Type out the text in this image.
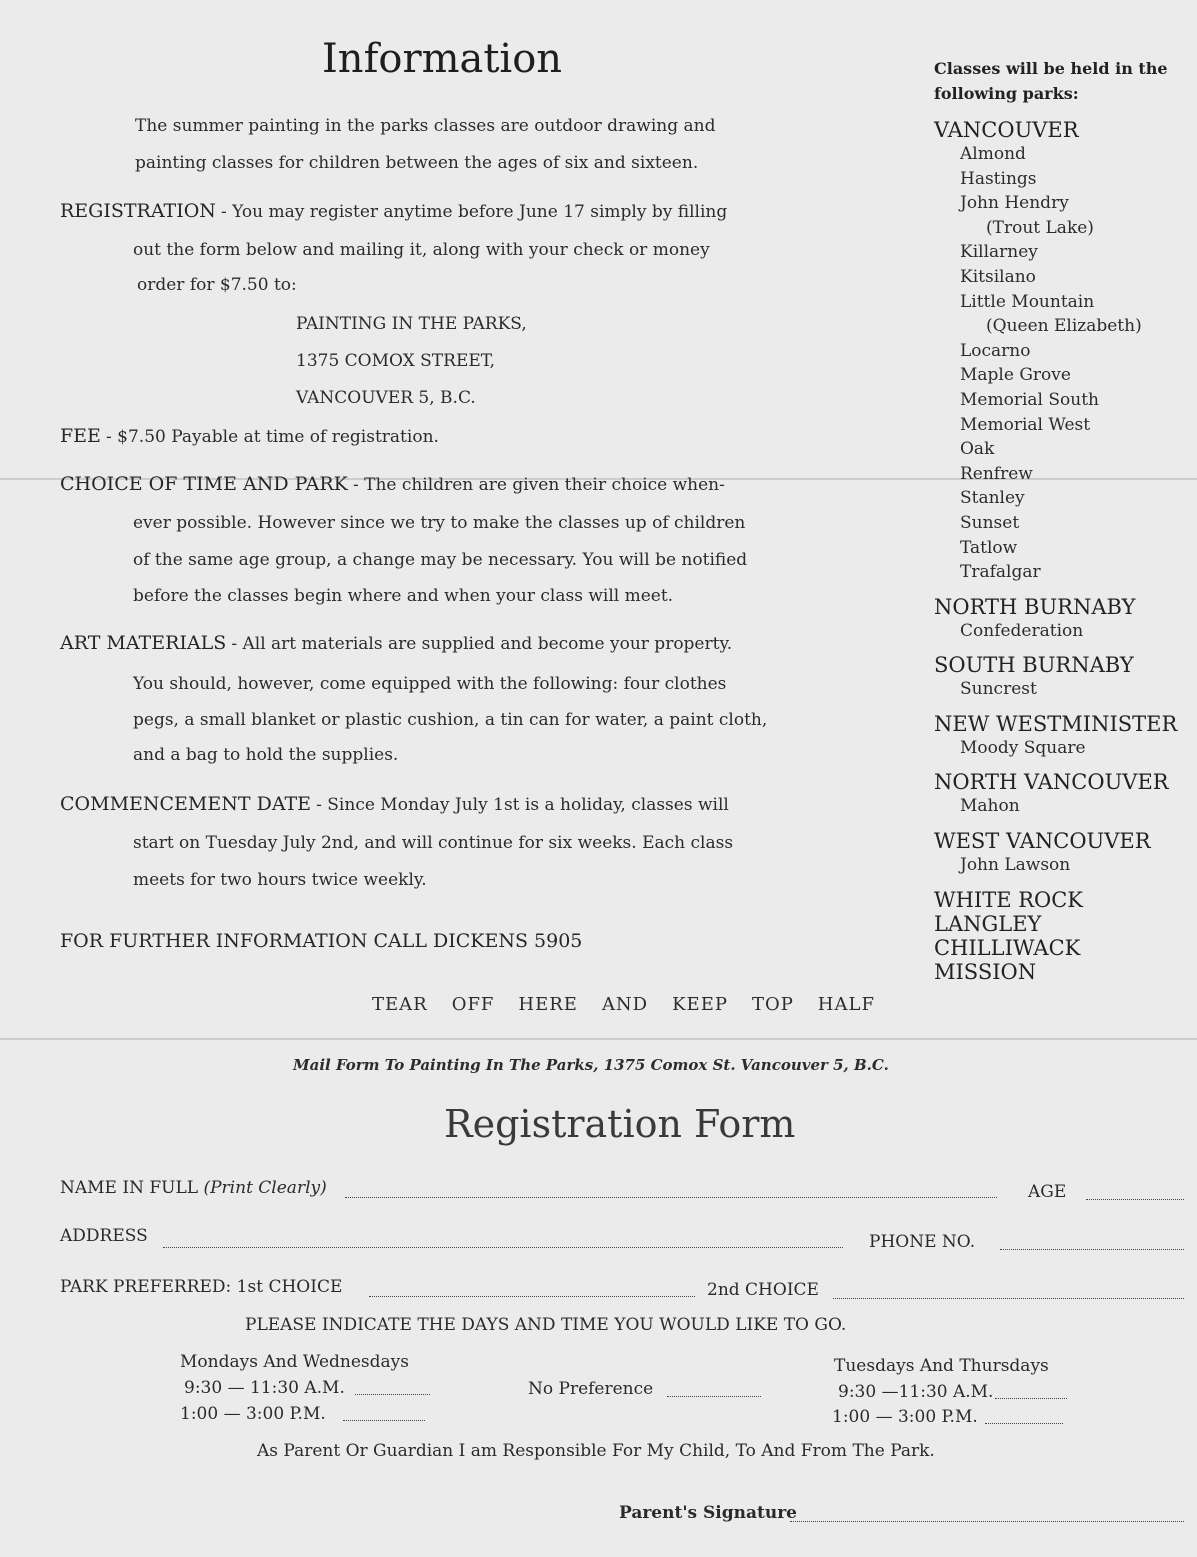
Information
The summer painting in the parks classes are outdoor drawing and
painting classes for children between the ages of six and sixteen.
REGISTRATION - You may register anytime before June 17 simply by filling
out the form below and mailing it, along with your check or money
order for $7.50 to:
PAINTING IN THE PARKS,
1375 COMOX STREET,
VANCOUVER 5, B.C.
FEE - $7.50 Payable at time of registration.
CHOICE OF TIME AND PARK - The children are given their choice when-
ever possible. However since we try to make the classes up of children
of the same age group, a change may be necessary. You will be notified
before the classes begin where and when your class will meet.
ART MATERIALS - All art materials are supplied and become your property.
You should, however, come equipped with the following: four clothes
pegs, a small blanket or plastic cushion, a tin can for water, a paint cloth,
and a bag to hold the supplies.
COMMENCEMENT DATE - Since Monday July 1st is a holiday, classes will
start on Tuesday July 2nd, and will continue for six weeks. Each class
meets for two hours twice weekly.
FOR FURTHER INFORMATION CALL DICKENS 5905
TEAR OFF HERE AND KEEP TOP HALF
Classes will be held in the following parks:
VANCOUVER
Almond
Hastings
John Hendry
(Trout Lake)
Killarney
Kitsilano
Little Mountain
(Queen Elizabeth)
Locarno
Maple Grove
Memorial South
Memorial West
Oak
Renfrew
Stanley
Sunset
Tatlow
Trafalgar
NORTH BURNABY
Confederation
SOUTH BURNABY
Suncrest
NEW WESTMINISTER
Moody Square
NORTH VANCOUVER
Mahon
WEST VANCOUVER
John Lawson
WHITE ROCK
LANGLEY
CHILLIWACK
MISSION
Mail Form To Painting In The Parks, 1375 Comox St. Vancouver 5, B.C.
Registration Form
NAME IN FULL (Print Clearly)	AGE
ADDRESS	PHONE NO.
PARK PREFERRED: 1st CHOICE	2nd CHOICE
PLEASE INDICATE THE DAYS AND TIME YOU WOULD LIKE TO GO.
Mondays And Wednesdays
9:30 — 11:30 A.M.
1:00 — 3:00 P.M.
No Preference
Tuesdays And Thursdays
9:30 —11:30 A.M.
1:00 — 3:00 P.M.
As Parent Or Guardian I am Responsible For My Child, To And From The Park.
Parent's Signature
